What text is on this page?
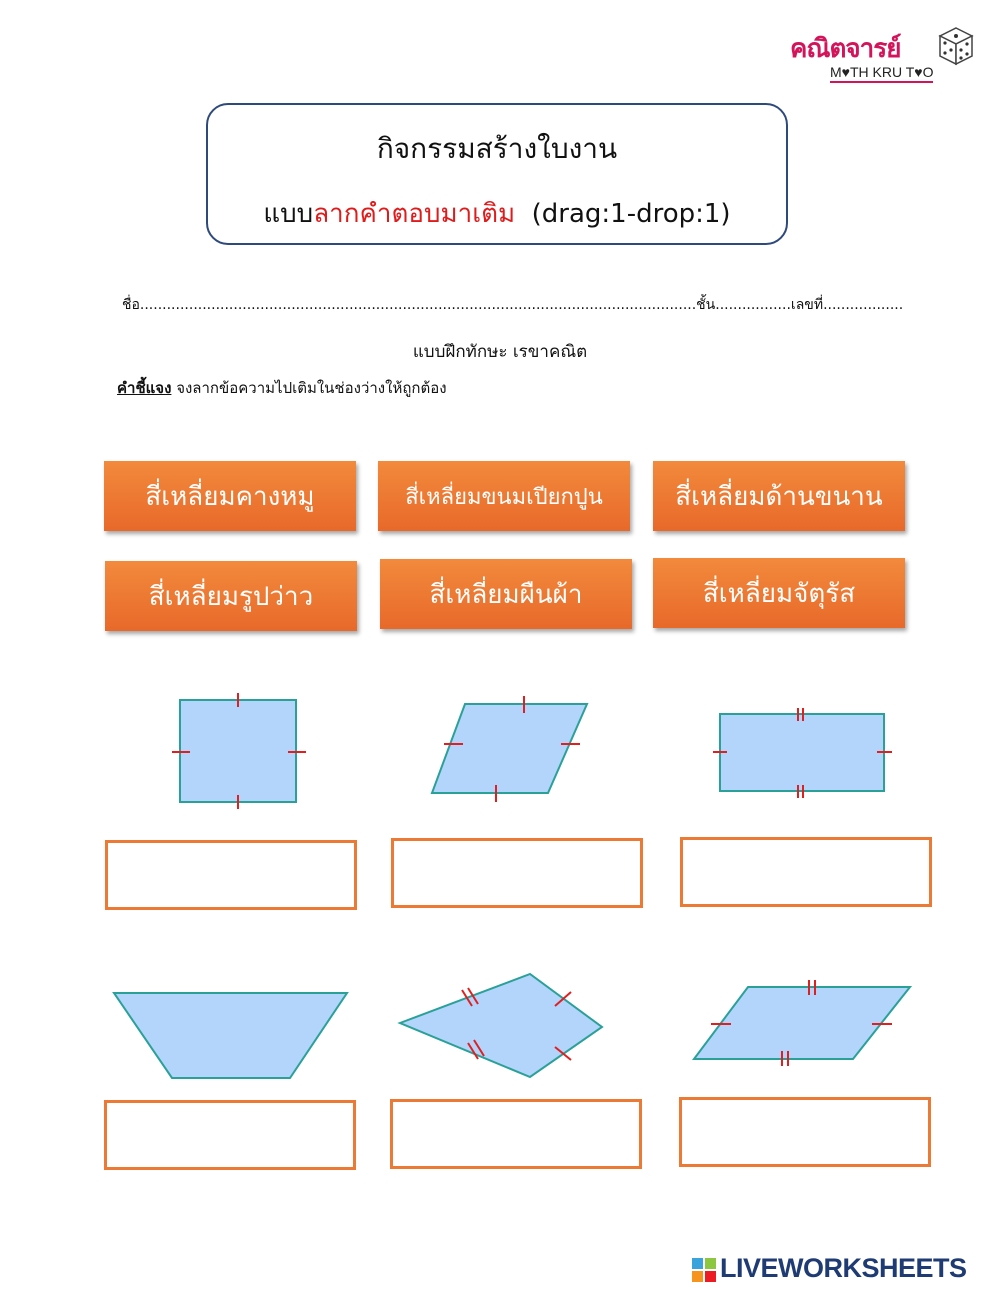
คณิตจารย์
M♥TH KRU T♥O
กิจกรรมสร้างใบงาน
แบบลากคำตอบมาเติม (drag:1-drop:1)
ชื่อ.............................................................................................................................ชั้น.................เลขที่..................
แบบฝึกทักษะ เรขาคณิต
คำชี้แจง จงลากข้อความไปเติมในช่องว่างให้ถูกต้อง
สี่เหลี่ยมคางหมู	สี่เหลี่ยมขนมเปียกปูน	สี่เหลี่ยมด้านขนาน
สี่เหลี่ยมรูปว่าว	สี่เหลี่ยมผืนผ้า	สี่เหลี่ยมจัตุรัส
LIVEWORKSHEETS
